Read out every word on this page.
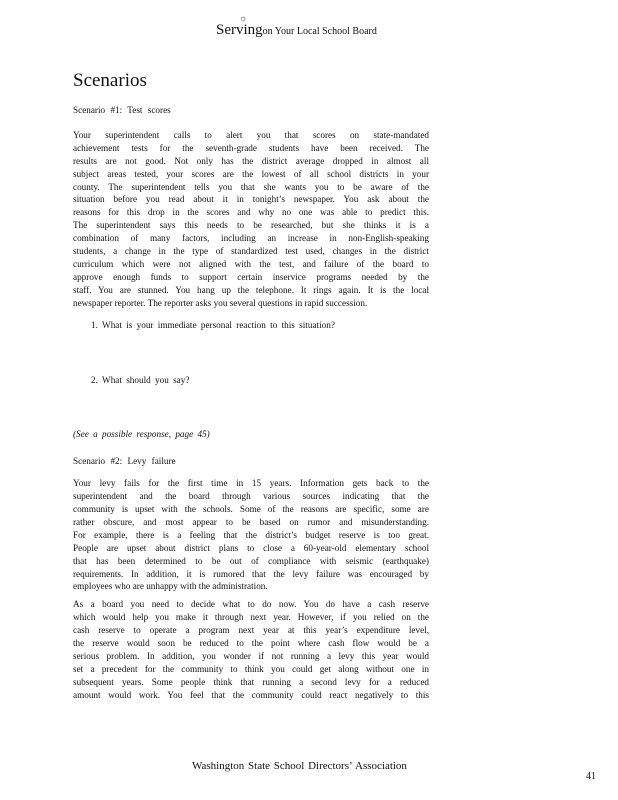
Serving
☼
on Your Local School Board
Scenarios

Scenario #1: Test scores

Your superintendent calls to alert you that scores on state-mandated
achievement tests for the seventh-grade students have been received. The
results are not good. Not only has the district average dropped in almost all
subject areas tested, your scores are the lowest of all school districts in your
county. The superintendent tells you that she wants you to be aware of the
situation before you read about it in tonight’s newspaper. You ask about the
reasons for this drop in the scores and why no one was able to predict this.
The superintendent says this needs to be researched, but she thinks it is a
combination of many factors, including an increase in non-English-speaking
students, a change in the type of standardized test used, changes in the district
curriculum which were not aligned with the test, and failure of the board to
approve enough funds to support certain inservice programs needed by the
staff. You are stunned. You hang up the telephone. It rings again. It is the local
newspaper reporter. The reporter asks you several questions in rapid succession.

1. What is your immediate personal reaction to this situation?

2. What should you say?

(See a possible response, page 45)

Scenario #2: Levy failure

Your levy fails for the first time in 15 years. Information gets back to the
superintendent and the board through various sources indicating that the
community is upset with the schools. Some of the reasons are specific, some are
rather obscure, and most appear to be based on rumor and misunderstanding.
For example, there is a feeling that the district’s budget reserve is too great.
People are upset about district plans to close a 60-year-old elementary school
that has been determined to be out of compliance with seismic (earthquake)
requirements. In addition, it is rumored that the levy failure was encouraged by
employees who are unhappy with the administration.
As a board you need to decide what to do now. You do have a cash reserve
which would help you make it through next year. However, if you relied on the
cash reserve to operate a program next year at this year’s expenditure level,
the reserve would soon be reduced to the point where cash flow would be a
serious problem. In addition, you wonder if not running a levy this year would
set a precedent for the community to think you could get along without one in
subsequent years. Some people think that running a second levy for a reduced
amount would work. You feel that the community could react negatively to this
Washington State School Directors’ Association
41
